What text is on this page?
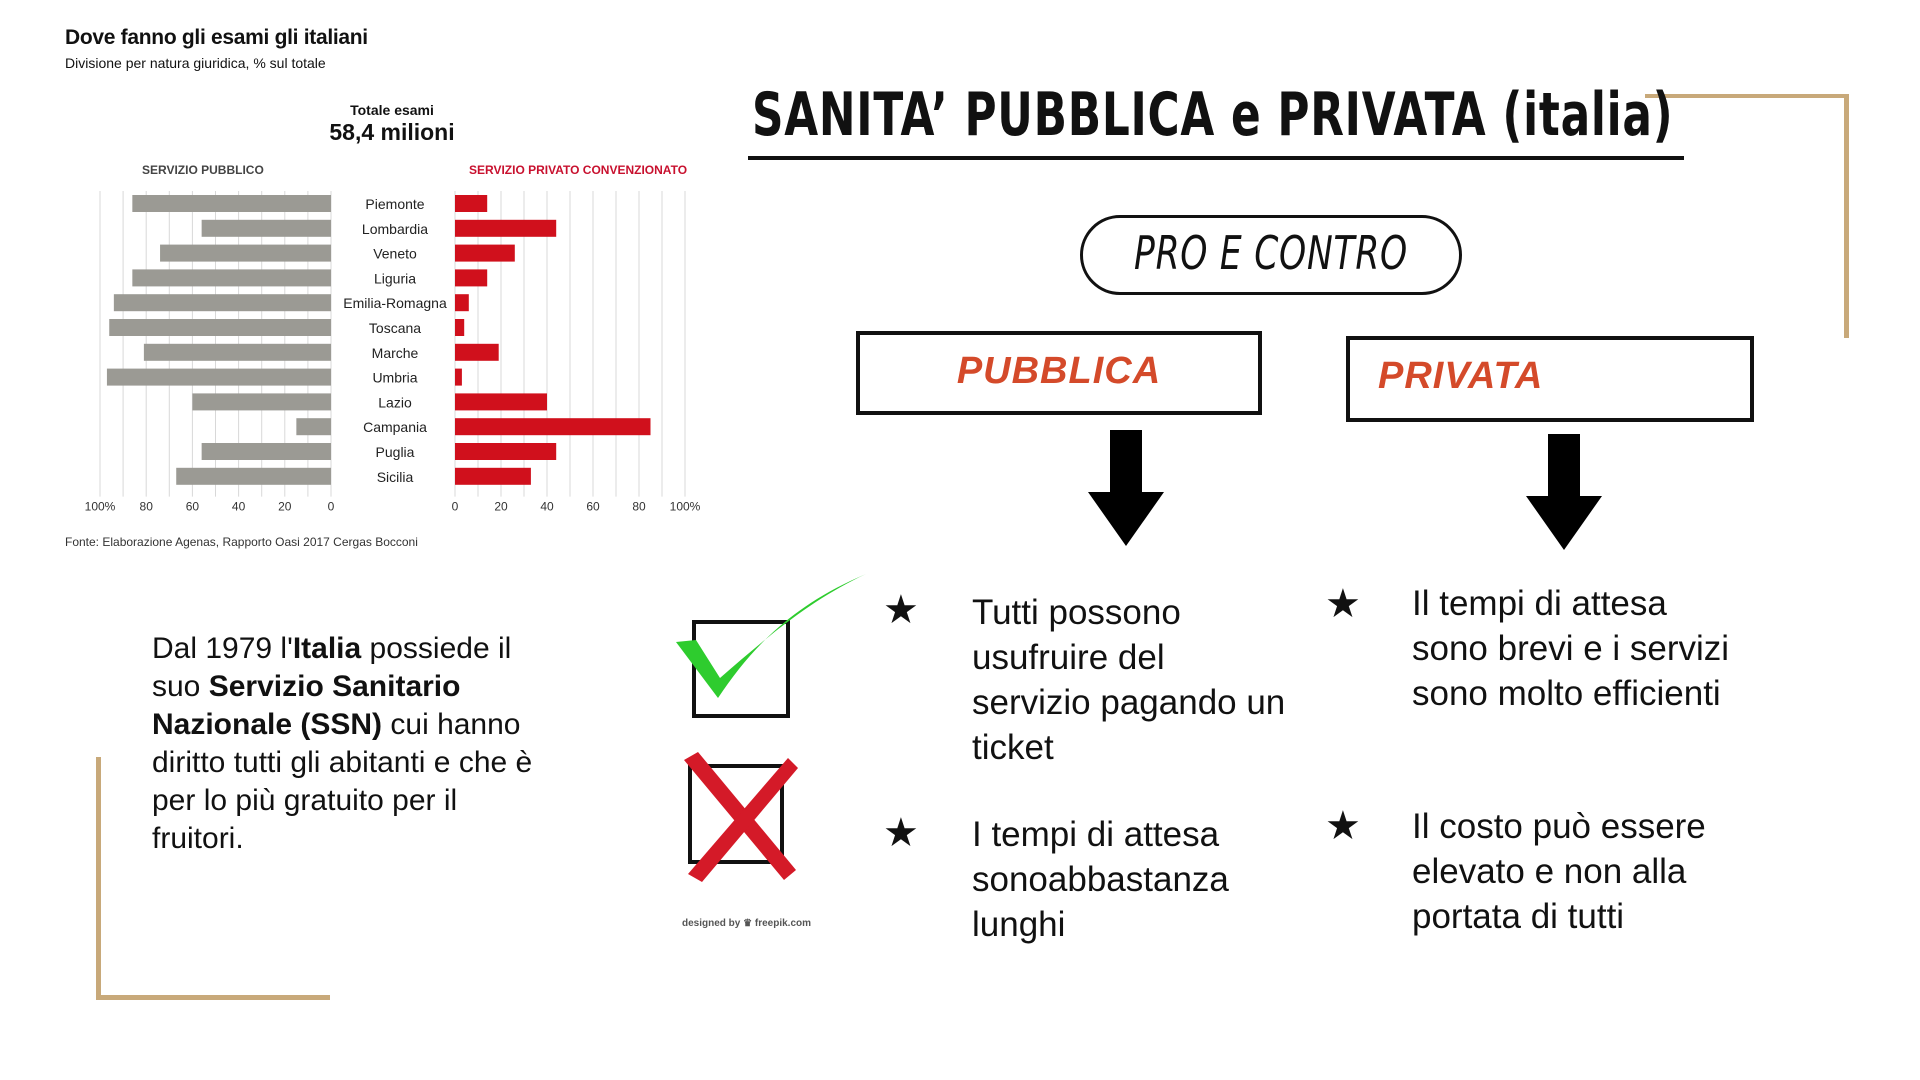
Dove fanno gli esami gli italiani
Divisione per natura giuridica, % sul totale
Totale esami
58,4 milioni
SERVIZIO PUBBLICO	SERVIZIO PRIVATO CONVENZIONATO
Piemonte
Lombardia
Veneto
Liguria
Emilia-Romagna
Toscana
Marche
Umbria
Lazio
Campania
Puglia
Sicilia
100% 80	60	40	20	0	0	20	40	60	80 100%
Fonte: Elaborazione Agenas, Rapporto Oasi 2017 Cergas Bocconi
SANITA’ PUBBLICA e PRIVATA (italia)
PRO E CONTRO
PUBBLICA	PRIVATA
Dal 1979 l'Italia possiede il suo Servizio Sanitario Nazionale (SSN) cui hanno diritto tutti gli abitanti e che è per lo più gratuito per il fruitori.
designed by ♛ freepik.com
★ Tutti possono usufruire del servizio pagando un ticket
★ I tempi di attesa sonoabbastanza lunghi
★ Il tempi di attesa sono brevi e i servizi sono molto efficienti
★ Il costo può essere elevato e non alla portata di tutti
